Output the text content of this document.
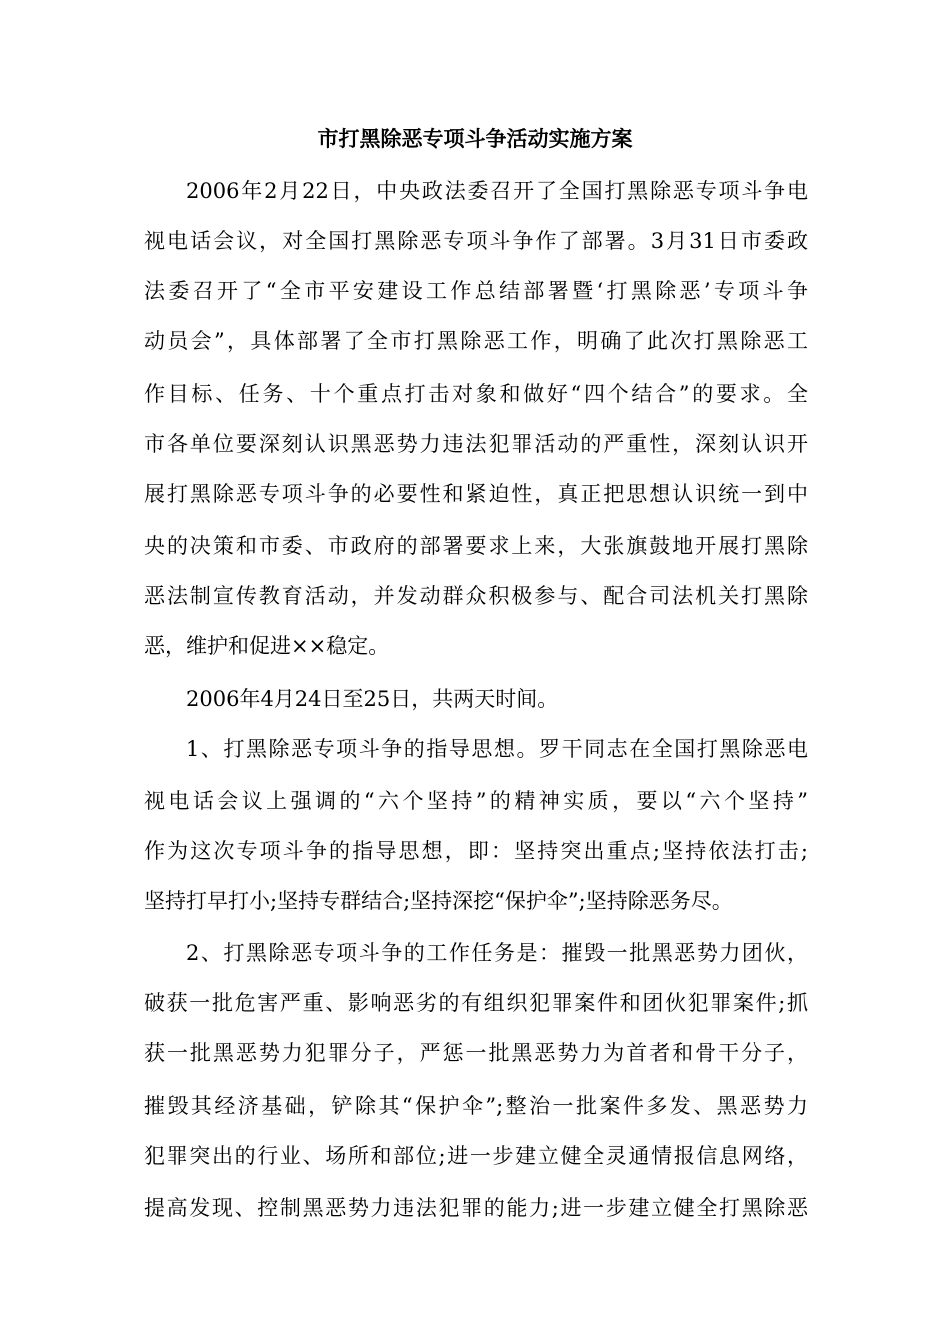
市打黑除恶专项斗争活动实施方案
2006年2月22日，中央政法委召开了全国打黑除恶专项斗争电
视电话会议，对全国打黑除恶专项斗争作了部署。3月31日市委政
法委召开了“全市平安建设工作总结部署暨‘打黑除恶’专项斗争
动员会”，具体部署了全市打黑除恶工作，明确了此次打黑除恶工
作目标、任务、十个重点打击对象和做好“四个结合”的要求。全
市各单位要深刻认识黑恶势力违法犯罪活动的严重性，深刻认识开
展打黑除恶专项斗争的必要性和紧迫性，真正把思想认识统一到中
央的决策和市委、市政府的部署要求上来，大张旗鼓地开展打黑除
恶法制宣传教育活动，并发动群众积极参与、配合司法机关打黑除
恶，维护和促进××稳定。
2006年4月24日至25日，共两天时间。
1、打黑除恶专项斗争的指导思想。罗干同志在全国打黑除恶电
视电话会议上强调的“六个坚持”的精神实质，要以“六个坚持”
作为这次专项斗争的指导思想，即：坚持突出重点;坚持依法打击;
坚持打早打小;坚持专群结合;坚持深挖“保护伞”;坚持除恶务尽。
2、打黑除恶专项斗争的工作任务是：摧毁一批黑恶势力团伙，
破获一批危害严重、影响恶劣的有组织犯罪案件和团伙犯罪案件;抓
获一批黑恶势力犯罪分子，严惩一批黑恶势力为首者和骨干分子，
摧毁其经济基础，铲除其“保护伞”;整治一批案件多发、黑恶势力
犯罪突出的行业、场所和部位;进一步建立健全灵通情报信息网络，
提高发现、控制黑恶势力违法犯罪的能力;进一步建立健全打黑除恶
